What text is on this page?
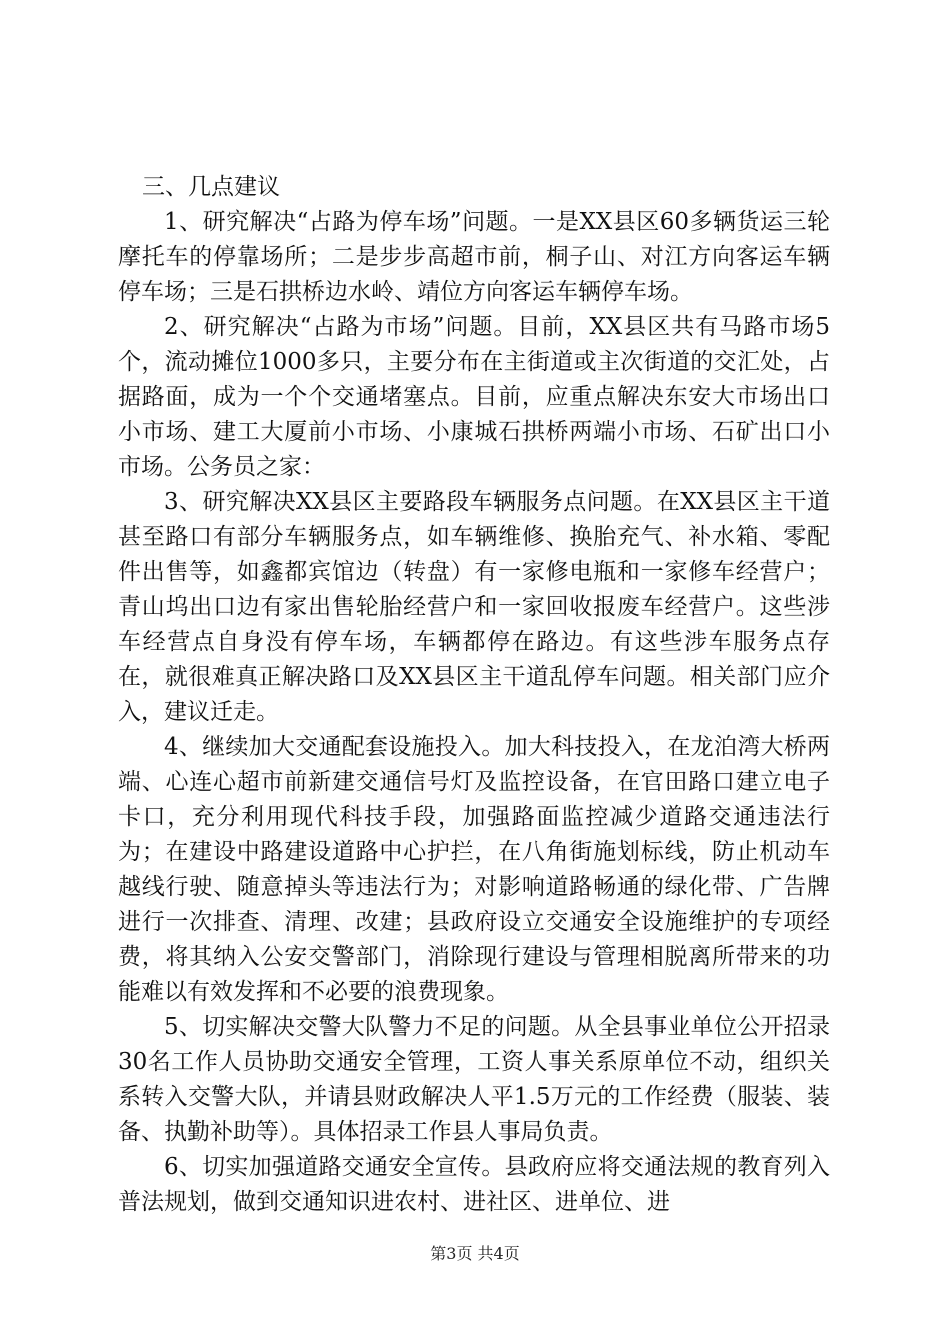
三、几点建议

1、研究解决“占路为停车场”问题。一是XX县区60多辆货运三轮摩托车的停靠场所；二是步步高超市前，桐子山、对江方向客运车辆停车场；三是石拱桥边水岭、靖位方向客运车辆停车场。

2、研究解决“占路为市场”问题。目前，XX县区共有马路市场5个，流动摊位1000多只，主要分布在主街道或主次街道的交汇处，占据路面，成为一个个交通堵塞点。目前，应重点解决东安大市场出口小市场、建工大厦前小市场、小康城石拱桥两端小市场、石矿出口小市场。公务员之家：

3、研究解决XX县区主要路段车辆服务点问题。在XX县区主干道甚至路口有部分车辆服务点，如车辆维修、换胎充气、补水箱、零配件出售等，如鑫都宾馆边（转盘）有一家修电瓶和一家修车经营户；青山坞出口边有家出售轮胎经营户和一家回收报废车经营户。这些涉车经营点自身没有停车场，车辆都停在路边。有这些涉车服务点存在，就很难真正解决路口及XX县区主干道乱停车问题。相关部门应介入，建议迁走。

4、继续加大交通配套设施投入。加大科技投入，在龙泊湾大桥两端、心连心超市前新建交通信号灯及监控设备，在官田路口建立电子卡口，充分利用现代科技手段，加强路面监控减少道路交通违法行为；在建设中路建设道路中心护拦，在八角街施划标线，防止机动车越线行驶、随意掉头等违法行为；对影响道路畅通的绿化带、广告牌进行一次排查、清理、改建；县政府设立交通安全设施维护的专项经费，将其纳入公安交警部门，消除现行建设与管理相脱离所带来的功能难以有效发挥和不必要的浪费现象。

5、切实解决交警大队警力不足的问题。从全县事业单位公开招录30名工作人员协助交通安全管理，工资人事关系原单位不动，组织关系转入交警大队，并请县财政解决人平1.5万元的工作经费（服装、装备、执勤补助等）。具体招录工作县人事局负责。

6、切实加强道路交通安全宣传。县政府应将交通法规的教育列入普法规划，做到交通知识进农村、进社区、进单位、进

第3页 共4页
